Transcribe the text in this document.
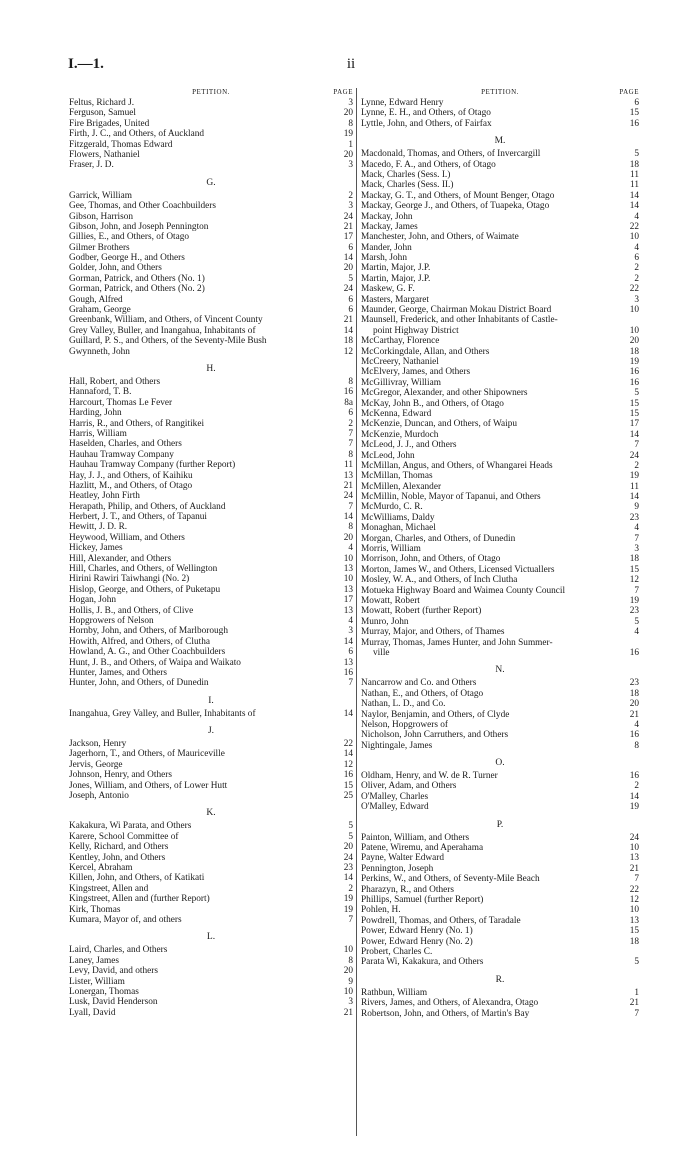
I.—1.	ii
PETITION.	PAGE
Feltus, Richard J.	3
Ferguson, Samuel	20
Fire Brigades, United	8
Firth, J. C., and Others, of Auckland	19
Fitzgerald, Thomas Edward	1
Flowers, Nathaniel	20
Fraser, J. D.	3
G.
Garrick, William	2
Gee, Thomas, and Other Coachbuilders	3
Gibson, Harrison	24
Gibson, John, and Joseph Pennington	21
Gillies, E., and Others, of Otago	17
Gilmer Brothers	6
Godber, George H., and Others	14
Golder, John, and Others	20
Gorman, Patrick, and Others (No. 1)	5
Gorman, Patrick, and Others (No. 2)	24
Gough, Alfred	6
Graham, George	6
Greenbank, William, and Others, of Vincent County	21
Grey Valley, Buller, and Inangahua, Inhabitants of	14
Guillard, P. S., and Others, of the Seventy-Mile Bush	18
Gwynneth, John	12
H.
Hall, Robert, and Others	8
Hannaford, T. B.	16
Harcourt, Thomas Le Fever	8a
Harding, John	6
Harris, R., and Others, of Rangitikei	2
Harris, William	7
Haselden, Charles, and Others	7
Hauhau Tramway Company	8
Hauhau Tramway Company (further Report)	11
Hay, J. J., and Others, of Kaihiku	13
Hazlitt, M., and Others, of Otago	21
Heatley, John Firth	24
Herapath, Philip, and Others, of Auckland	7
Herbert, J. T., and Others, of Tapanui	14
Hewitt, J. D. R.	8
Heywood, William, and Others	20
Hickey, James	4
Hill, Alexander, and Others	10
Hill, Charles, and Others, of Wellington	13
Hirini Rawiri Taiwhangi (No. 2)	10
Hislop, George, and Others, of Puketapu	13
Hogan, John	17
Hollis, J. B., and Others, of Clive	13
Hopgrowers of Nelson	4
Hornby, John, and Others, of Marlborough	3
Howith, Alfred, and Others, of Clutha	14
Howland, A. G., and Other Coachbuilders	6
Hunt, J. B., and Others, of Waipa and Waikato	13
Hunter, James, and Others	16
Hunter, John, and Others, of Dunedin	7
I.
Inangahua, Grey Valley, and Buller, Inhabitants of	14
J.
Jackson, Henry	22
Jagerhorn, T., and Others, of Mauriceville	14
Jervis, George	12
Johnson, Henry, and Others	16
Jones, William, and Others, of Lower Hutt	15
Joseph, Antonio	25
K.
Kakakura, Wi Parata, and Others	5
Karere, School Committee of	5
Kelly, Richard, and Others	20
Kentley, John, and Others	24
Kercel, Abraham	23
Killen, John, and Others, of Katikati	14
Kingstreet, Allen and	2
Kingstreet, Allen and (further Report)	19
Kirk, Thomas	19
Kumara, Mayor of, and others	7
L.
Laird, Charles, and Others	10
Laney, James	8
Levy, David, and others	20
Lister, William	9
Lonergan, Thomas	10
Lusk, David Henderson	3
Lyall, David	21
PETITION.	PAGE
Lynne, Edward Henry	6
Lynne, E. H., and Others, of Otago	15
Lyttle, John, and Others, of Fairfax	16
M.
Macdonald, Thomas, and Others, of Invercargill	5
Macedo, F. A., and Others, of Otago	18
Mack, Charles (Sess. I.)	11
Mack, Charles (Sess. II.)	11
Mackay, G. T., and Others, of Mount Benger, Otago	14
Mackay, George J., and Others, of Tuapeka, Otago	14
Mackay, John	4
Mackay, James	22
Manchester, John, and Others, of Waimate	10
Mander, John	4
Marsh, John	6
Martin, Major, J.P.	2
Martin, Major, J.P.	2
Maskew, G. F.	22
Masters, Margaret	3
Maunder, George, Chairman Mokau District Board	10
Maunsell, Frederick, and other Inhabitants of Castle-
point Highway District	10
McCarthay, Florence	20
McCorkingdale, Allan, and Others	18
McCreery, Nathaniel	19
McElvery, James, and Others	16
McGillivray, William	16
McGregor, Alexander, and other Shipowners	5
McKay, John B., and Others, of Otago	15
McKenna, Edward	15
McKenzie, Duncan, and Others, of Waipu	17
McKenzie, Murdoch	14
McLeod, J. J., and Others	7
McLeod, John	24
McMillan, Angus, and Others, of Whangarei Heads	2
McMillan, Thomas	19
McMillen, Alexander	11
McMillin, Noble, Mayor of Tapanui, and Others	14
McMurdo, C. R.	9
McWilliams, Daldy	23
Monaghan, Michael	4
Morgan, Charles, and Others, of Dunedin	7
Morris, William	3
Morrison, John, and Others, of Otago	18
Morton, James W., and Others, Licensed Victuallers	15
Mosley, W. A., and Others, of Inch Clutha	12
Motueka Highway Board and Waimea County Council	7
Mowatt, Robert	19
Mowatt, Robert (further Report)	23
Munro, John	5
Murray, Major, and Others, of Thames	4
Murray, Thomas, James Hunter, and John Summer-
ville	16
N.
Nancarrow and Co. and Others	23
Nathan, E., and Others, of Otago	18
Nathan, L. D., and Co.	20
Naylor, Benjamin, and Others, of Clyde	21
Nelson, Hopgrowers of	4
Nicholson, John Carruthers, and Others	16
Nightingale, James	8
O.
Oldham, Henry, and W. de R. Turner	16
Oliver, Adam, and Others	2
O'Malley, Charles	14
O'Malley, Edward	19
P.
Painton, William, and Others	24
Patene, Wiremu, and Aperahama	10
Payne, Walter Edward	13
Pennington, Joseph	21
Perkins, W., and Others, of Seventy-Mile Beach	7
Pharazyn, R., and Others	22
Phillips, Samuel (further Report)	12
Pohlen, H.	10
Powdrell, Thomas, and Others, of Taradale	13
Power, Edward Henry (No. 1)	15
Power, Edward Henry (No. 2)	18
Probert, Charles C.
Parata Wi, Kakakura, and Others	5
R.
Rathbun, William	1
Rivers, James, and Others, of Alexandra, Otago	21
Robertson, John, and Others, of Martin's Bay	7
